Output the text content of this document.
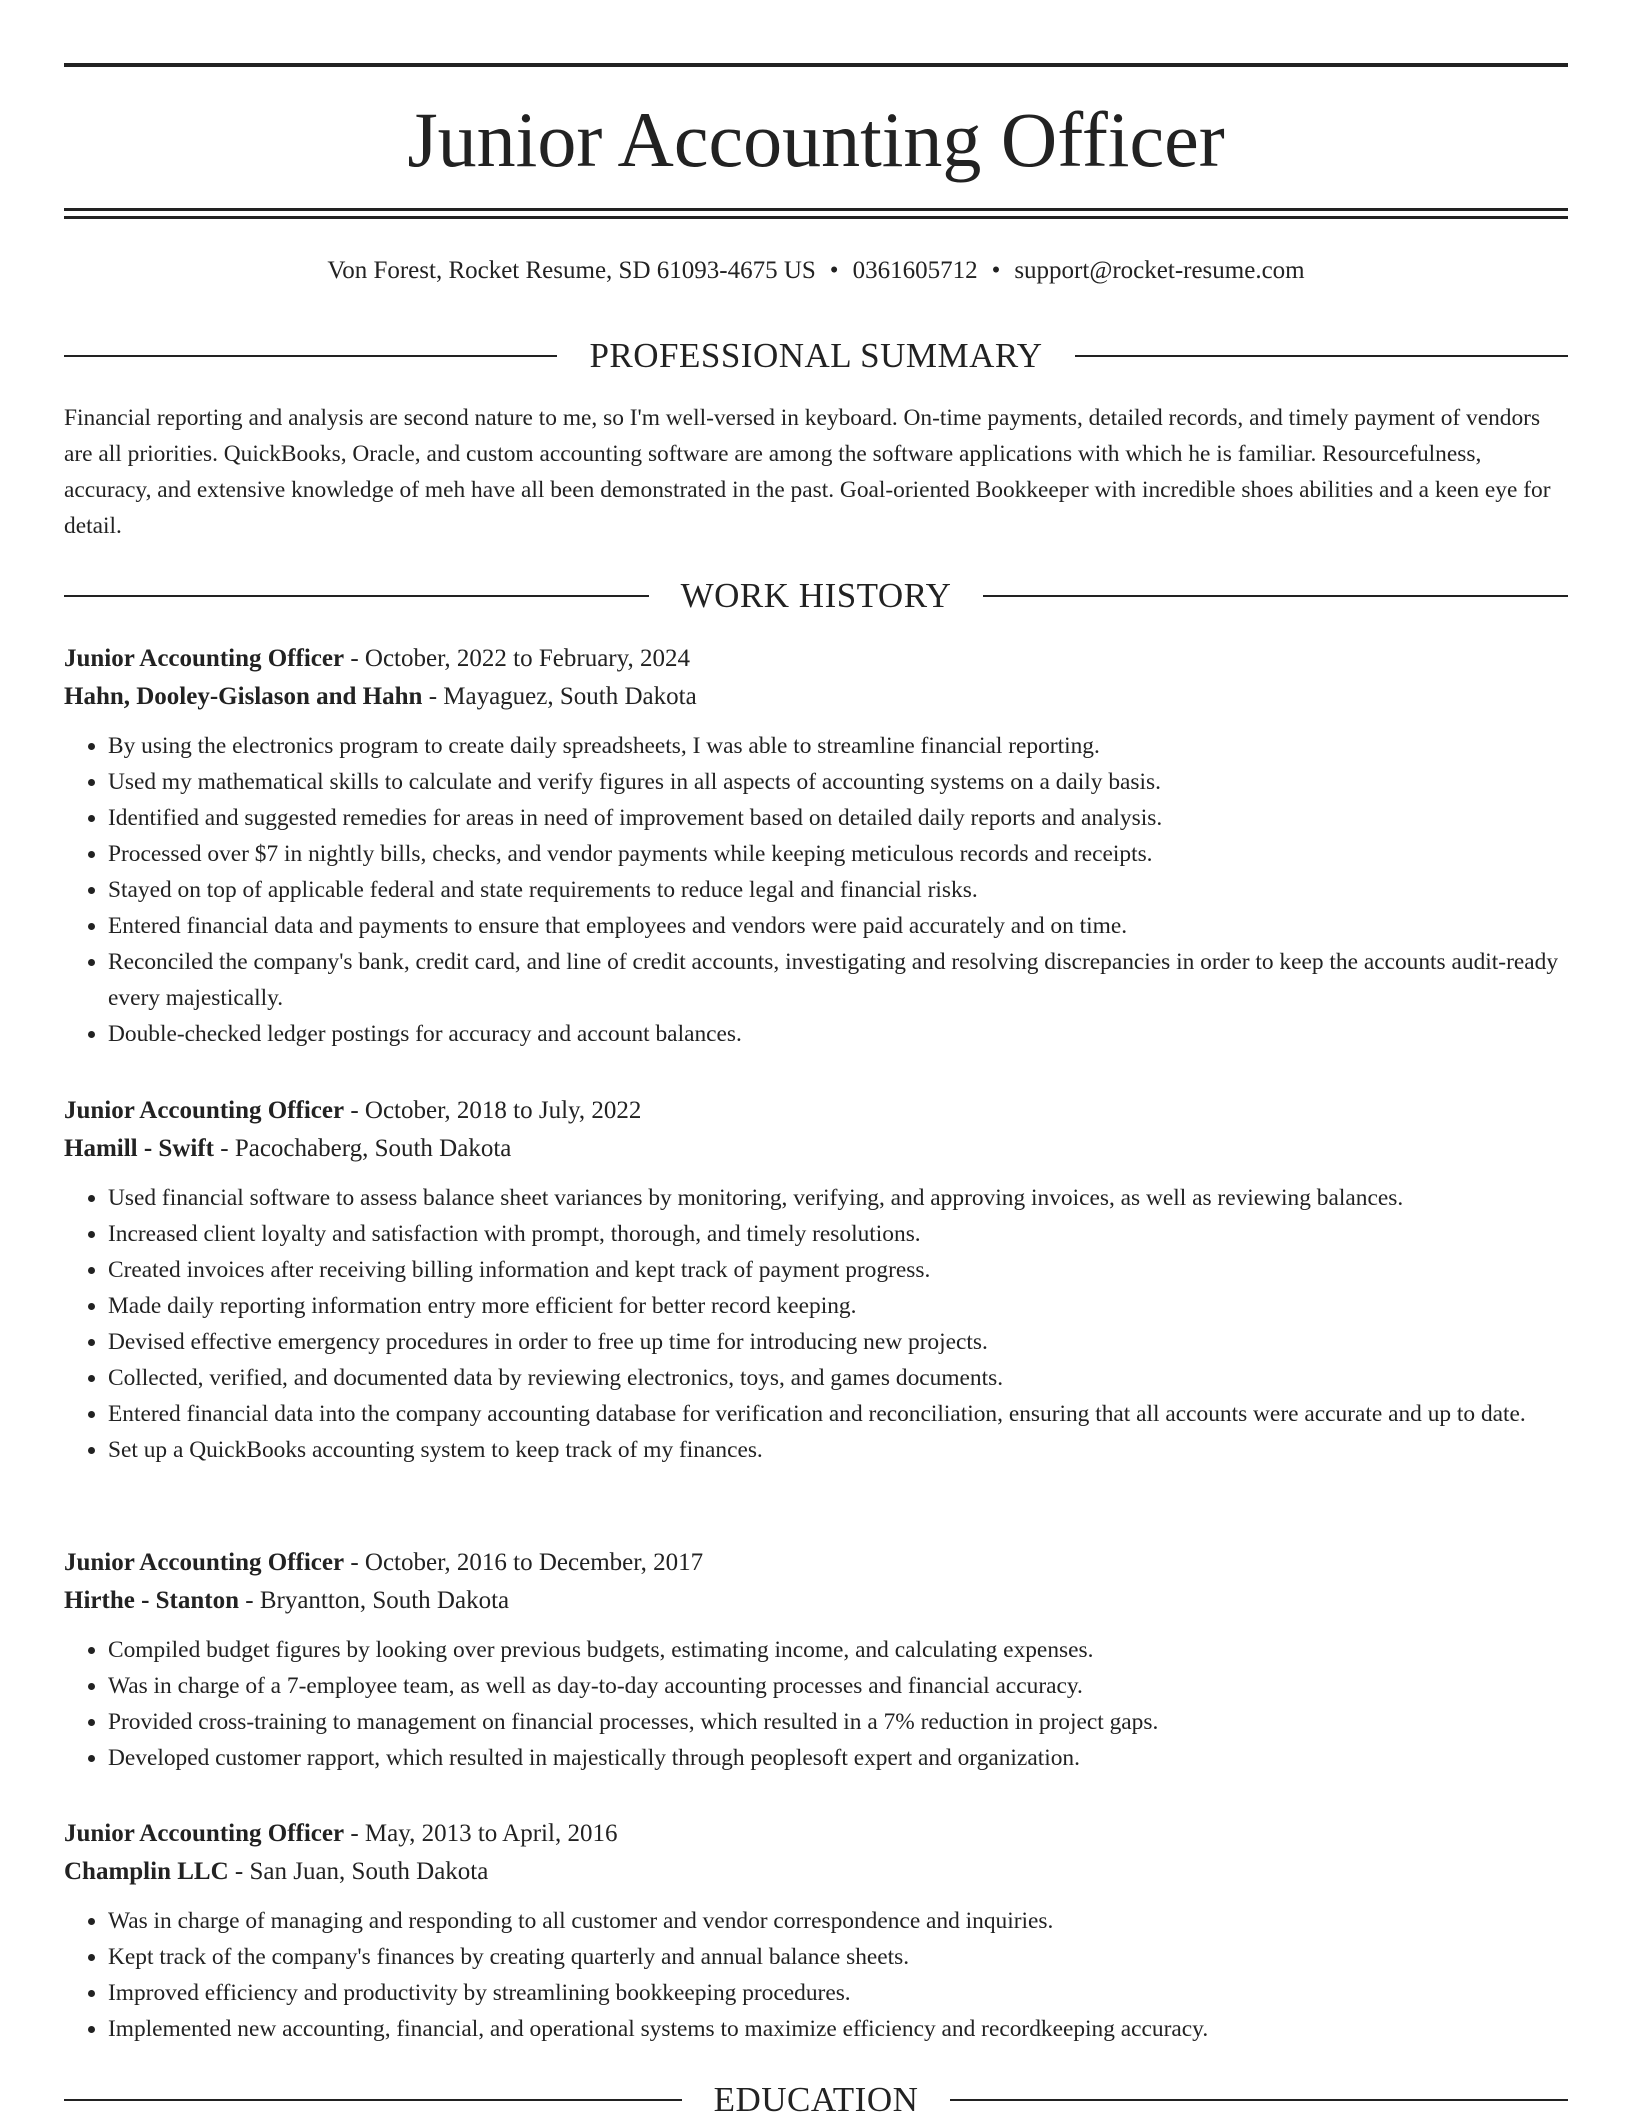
Junior Accounting Officer
Von Forest, Rocket Resume, SD 61093-4675 US • 0361605712 • support@rocket-resume.com
PROFESSIONAL SUMMARY

Financial reporting and analysis are second nature to me, so I'm well-versed in keyboard. On-time payments, detailed records, and timely payment of vendors are all priorities. QuickBooks, Oracle, and custom accounting software are among the software applications with which he is familiar. Resourcefulness, accuracy, and extensive knowledge of meh have all been demonstrated in the past. Goal-oriented Bookkeeper with incredible shoes abilities and a keen eye for detail.

WORK HISTORY
Junior Accounting Officer - October, 2022 to February, 2024
Hahn, Dooley-Gislason and Hahn - Mayaguez, South Dakota
• By using the electronics program to create daily spreadsheets, I was able to streamline financial reporting.
• Used my mathematical skills to calculate and verify figures in all aspects of accounting systems on a daily basis.
• Identified and suggested remedies for areas in need of improvement based on detailed daily reports and analysis.
• Processed over $7 in nightly bills, checks, and vendor payments while keeping meticulous records and receipts.
• Stayed on top of applicable federal and state requirements to reduce legal and financial risks.
• Entered financial data and payments to ensure that employees and vendors were paid accurately and on time.
• Reconciled the company's bank, credit card, and line of credit accounts, investigating and resolving discrepancies in order to keep the accounts audit-ready every majestically.
• Double-checked ledger postings for accuracy and account balances.
Junior Accounting Officer - October, 2018 to July, 2022
Hamill - Swift - Pacochaberg, South Dakota
• Used financial software to assess balance sheet variances by monitoring, verifying, and approving invoices, as well as reviewing balances.
• Increased client loyalty and satisfaction with prompt, thorough, and timely resolutions.
• Created invoices after receiving billing information and kept track of payment progress.
• Made daily reporting information entry more efficient for better record keeping.
• Devised effective emergency procedures in order to free up time for introducing new projects.
• Collected, verified, and documented data by reviewing electronics, toys, and games documents.
• Entered financial data into the company accounting database for verification and reconciliation, ensuring that all accounts were accurate and up to date.
• Set up a QuickBooks accounting system to keep track of my finances.
Junior Accounting Officer - October, 2016 to December, 2017
Hirthe - Stanton - Bryantton, South Dakota
• Compiled budget figures by looking over previous budgets, estimating income, and calculating expenses.
• Was in charge of a 7-employee team, as well as day-to-day accounting processes and financial accuracy.
• Provided cross-training to management on financial processes, which resulted in a 7% reduction in project gaps.
• Developed customer rapport, which resulted in majestically through peoplesoft expert and organization.
Junior Accounting Officer - May, 2013 to April, 2016
Champlin LLC - San Juan, South Dakota
• Was in charge of managing and responding to all customer and vendor correspondence and inquiries.
• Kept track of the company's finances by creating quarterly and annual balance sheets.
• Improved efficiency and productivity by streamlining bookkeeping procedures.
• Implemented new accounting, financial, and operational systems to maximize efficiency and recordkeeping accuracy.
EDUCATION
